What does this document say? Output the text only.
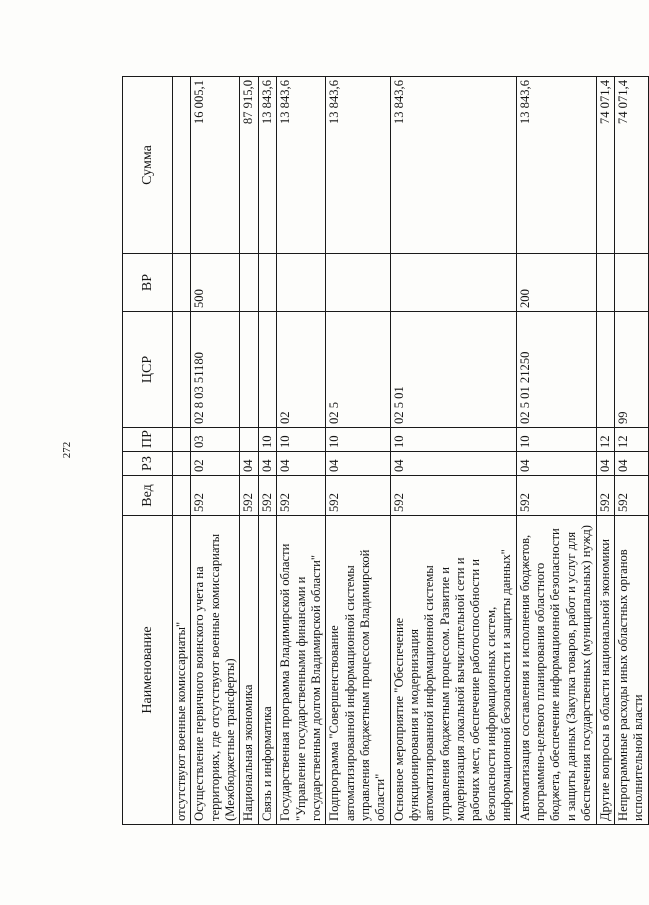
272
Наименование	Вед	РЗ	ПР	ЦСР	ВР	Сумма
отсутствуют военные комиссариаты"						
Осуществление первичного воинского учета на территориях, где отсутствуют военные комиссариаты (Межбюджетные трансферты)	592	02	03	02 8 03 51180	500	16 005,1
Национальная экономика	592	04				87 915,0
Связь и информатика	592	04	10			13 843,6
Государственная программа Владимирской области "Управление государственными финансами и государственным долгом Владимирской области"	592	04	10	02		13 843,6
Подпрограмма "Совершенствование автоматизированной информационной системы управления бюджетным процессом Владимирской области"	592	04	10	02 5		13 843,6
Основное мероприятие "Обеспечение функционирования и модернизация автоматизированной информационной системы управления бюджетным процессом. Развитие и модернизация локальной вычислительной сети и рабочих мест, обеспечение работоспособности и безопасности информационных систем, информационной безопасности и защиты данных"	592	04	10	02 5 01		13 843,6
Автоматизация составления и исполнения бюджетов, программно-целевого планирования областного бюджета, обеспечение информационной безопасности и защиты данных (Закупка товаров, работ и услуг для обеспечения государственных (муниципальных) нужд)	592	04	10	02 5 01 21250	200	13 843,6
Другие вопросы в области национальной экономики	592	04	12			74 071,4
Непрограммные расходы иных областных органов исполнительной власти	592	04	12	99		74 071,4
